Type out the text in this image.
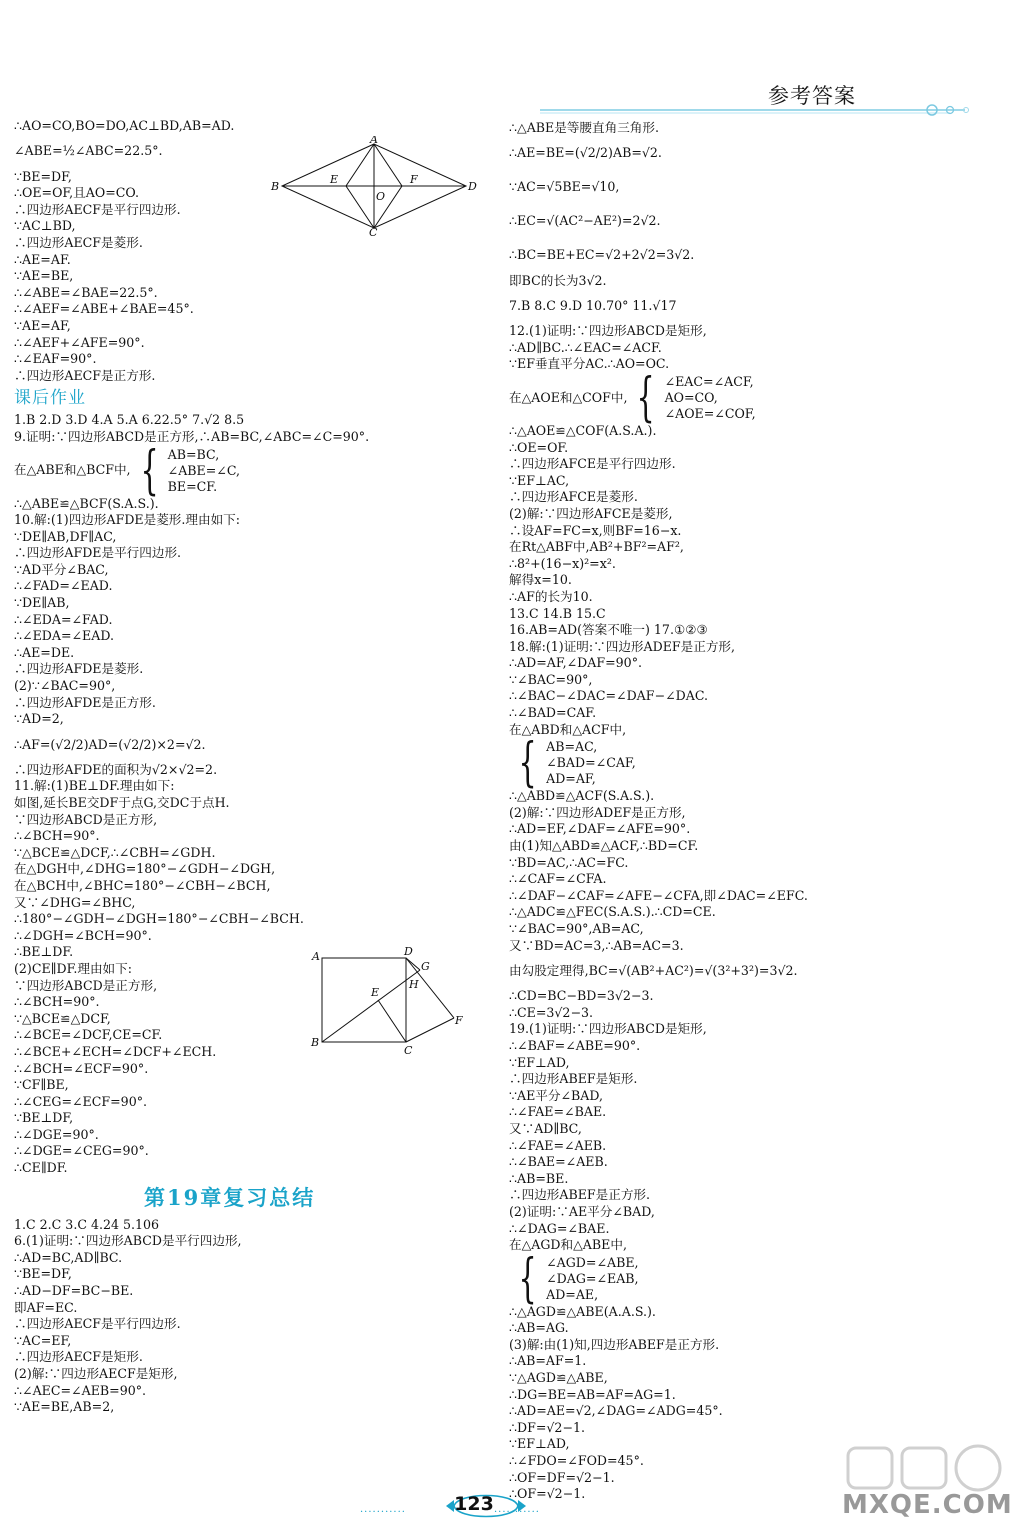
参考答案
∴AO=CO,BO=DO,AC⊥BD,AB=AD.
∠ABE=½∠ABC=22.5°.
∵BE=DF,
∴OE=OF,且AO=CO.
∴四边形AECF是平行四边形.
∵AC⊥BD,
∴四边形AECF是菱形.
∴AE=AF.
∵AE=BE,
∴∠ABE=∠BAE=22.5°.
∴∠AEF=∠ABE+∠BAE=45°.
∵AE=AF,
∴∠AEF+∠AFE=90°.
∴∠EAF=90°.
∴四边形AECF是正方形.
课后作业
1.B 2.D 3.D 4.A 5.A 6.22.5° 7.√2 8.5
9.证明:∵四边形ABCD是正方形,∴AB=BC,∠ABC=∠C=90°.
在△ABE和△BCF中, { AB=BC,
∠ABE=∠C,
BE=CF.
∴△ABE≌△BCF(S.A.S.).
10.解:(1)四边形AFDE是菱形.理由如下:
∵DE∥AB,DF∥AC,
∴四边形AFDE是平行四边形.
∵AD平分∠BAC,
∴∠FAD=∠EAD.
∵DE∥AB,
∴∠EDA=∠FAD.
∴∠EDA=∠EAD.
∴AE=DE.
∴四边形AFDE是菱形.
(2)∵∠BAC=90°,
∴四边形AFDE是正方形.
∵AD=2,
∴AF=(√2/2)AD=(√2/2)×2=√2.
∴四边形AFDE的面积为√2×√2=2.
11.解:(1)BE⊥DF.理由如下:
如图,延长BE交DF于点G,交DC于点H.
∵四边形ABCD是正方形,
∴∠BCH=90°.
∵△BCE≌△DCF,∴∠CBH=∠GDH.
在△DGH中,∠DHG=180°−∠GDH−∠DGH,
在△BCH中,∠BHC=180°−∠CBH−∠BCH,
又∵∠DHG=∠BHC,
∴180°−∠GDH−∠DGH=180°−∠CBH−∠BCH.
∴∠DGH=∠BCH=90°.
∴BE⊥DF.
(2)CE∥DF.理由如下:
∵四边形ABCD是正方形,
∴∠BCH=90°.
∵△BCE≌△DCF,
∴∠BCE=∠DCF,CE=CF.
∴∠BCE+∠ECH=∠DCF+∠ECH.
∴∠BCH=∠ECF=90°.
∵CF∥BE,
∴∠CEG=∠ECF=90°.
∵BE⊥DF,
∴∠DGE=90°.
∴∠DGE=∠CEG=90°.
∴CE∥DF.
第19章复习总结
1.C 2.C 3.C 4.24 5.106
6.(1)证明:∵四边形ABCD是平行四边形,
∴AD=BC,AD∥BC.
∵BE=DF,
∴AD−DF=BC−BE.
即AF=EC.
∴四边形AECF是平行四边形.
∵AC=EF,
∴四边形AECF是矩形.
(2)解:∵四边形AECF是矩形,
∴∠AEC=∠AEB=90°.
∵AE=BE,AB=2,
A
B
C
D
E	F
O
A
B
C
D
E
F
G
H
∴△ABE是等腰直角三角形.
∴AE=BE=(√2/2)AB=√2.
∵AC=√5BE=√10,
∴EC=√(AC²−AE²)=2√2.
∴BC=BE+EC=√2+2√2=3√2.
即BC的长为3√2.
7.B 8.C 9.D 10.70° 11.√17
12.(1)证明:∵四边形ABCD是矩形,
∴AD∥BC.∴∠EAC=∠ACF.
∵EF垂直平分AC.∴AO=OC.
在△AOE和△COF中, { ∠EAC=∠ACF,
AO=CO,
∠AOE=∠COF,
∴△AOE≌△COF(A.S.A.).
∴OE=OF.
∴四边形AFCE是平行四边形.
∵EF⊥AC,
∴四边形AFCE是菱形.
(2)解:∵四边形AFCE是菱形,
∴设AF=FC=x,则BF=16−x.
在Rt△ABF中,AB²+BF²=AF²,
∴8²+(16−x)²=x².
解得x=10.
∴AF的长为10.
13.C 14.B 15.C
16.AB=AD(答案不唯一) 17.①②③
18.解:(1)证明:∵四边形ADEF是正方形,
∴AD=AF,∠DAF=90°.
∵∠BAC=90°,
∴∠BAC−∠DAC=∠DAF−∠DAC.
∴∠BAD=CAF.
在△ABD和△ACF中,
{ AB=AC,
∠BAD=∠CAF,
AD=AF,
∴△ABD≌△ACF(S.A.S.).
(2)解:∵四边形ADEF是正方形,
∴AD=EF,∠DAF=∠AFE=90°.
由(1)知△ABD≌△ACF,∴BD=CF.
∵BD=AC,∴AC=FC.
∴∠CAF=∠CFA.
∴∠DAF−∠CAF=∠AFE−∠CFA,即∠DAC=∠EFC.
∴△ADC≌△FEC(S.A.S.).∴CD=CE.
∵∠BAC=90°,AB=AC,
又∵BD=AC=3,∴AB=AC=3.
由勾股定理得,BC=√(AB²+AC²)=√(3²+3²)=3√2.
∴CD=BC−BD=3√2−3.
∴CE=3√2−3.
19.(1)证明:∵四边形ABCD是矩形,
∴∠BAF=∠ABE=90°.
∵EF⊥AD,
∴四边形ABEF是矩形.
∵AE平分∠BAD,
∴∠FAE=∠BAE.
又∵AD∥BC,
∴∠FAE=∠AEB.
∴∠BAE=∠AEB.
∴AB=BE.
∴四边形ABEF是正方形.
(2)证明:∵AE平分∠BAD,
∴∠DAG=∠BAE.
在△AGD和△ABE中,
{ ∠AGD=∠ABE,
∠DAG=∠EAB,
AD=AE,
∴△AGD≌△ABE(A.A.S.).
∴AB=AG.
(3)解:由(1)知,四边形ABEF是正方形.
∴AB=AF=1.
∵△AGD≌△ABE,
∴DG=BE=AB=AF=AG=1.
∴AD=AE=√2,∠DAG=∠ADG=45°.
∴DF=√2−1.
∵EF⊥AD,
∴∠FDO=∠FOD=45°.
∴OF=DF=√2−1.
∴OF=√2−1.
···········	123 ···········	MXQE.COM
